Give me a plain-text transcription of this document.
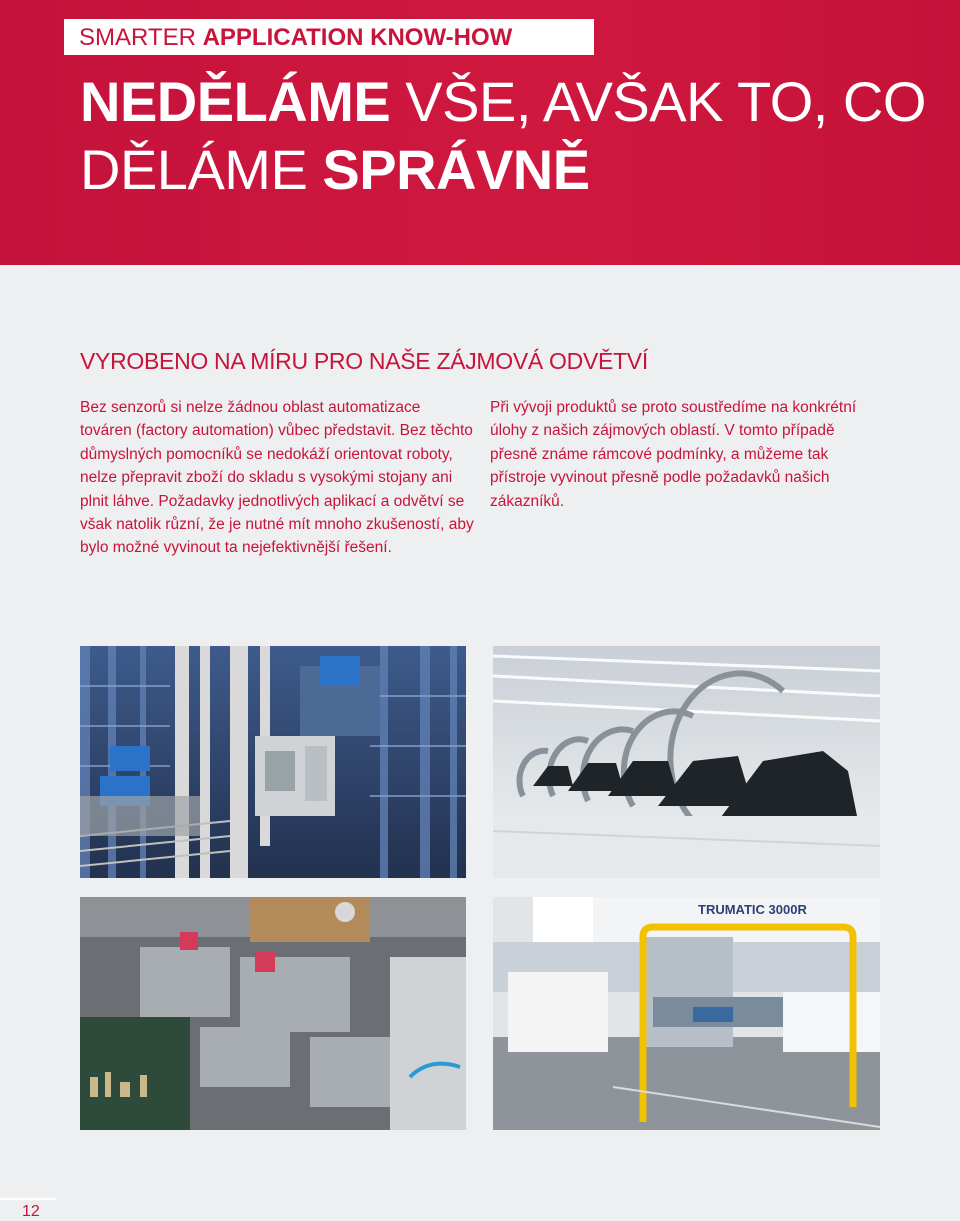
SMARTER APPLICATION KNOW-HOW
NEDĚLÁME VŠE, AVŠAK TO, CO
DĚLÁME SPRÁVNĚ
VYROBENO NA MÍRU PRO NAŠE ZÁJMOVÁ ODVĚTVÍ

Bez senzorů si nelze žádnou oblast automatizace továren (factory automation) vůbec představit. Bez těchto důmyslných pomocníků se nedokáží orientovat roboty, nelze přepravit zboží do skladu s vysokými stojany ani plnit láhve. Požadavky jednotlivých aplikací a odvětví se však natolik různí, že je nutné mít mnoho zkušeností, aby bylo možné vyvinout ta nejefektivnější řešení.

Při vývoji produktů se proto soustředíme na konkrétní úlohy z našich zájmových oblastí. V tomto případě přesně známe rámcové podmínky, a můžeme tak přístroje vyvinout přesně podle požadavků našich zákazníků.

TRUMATIC 3000R
12
